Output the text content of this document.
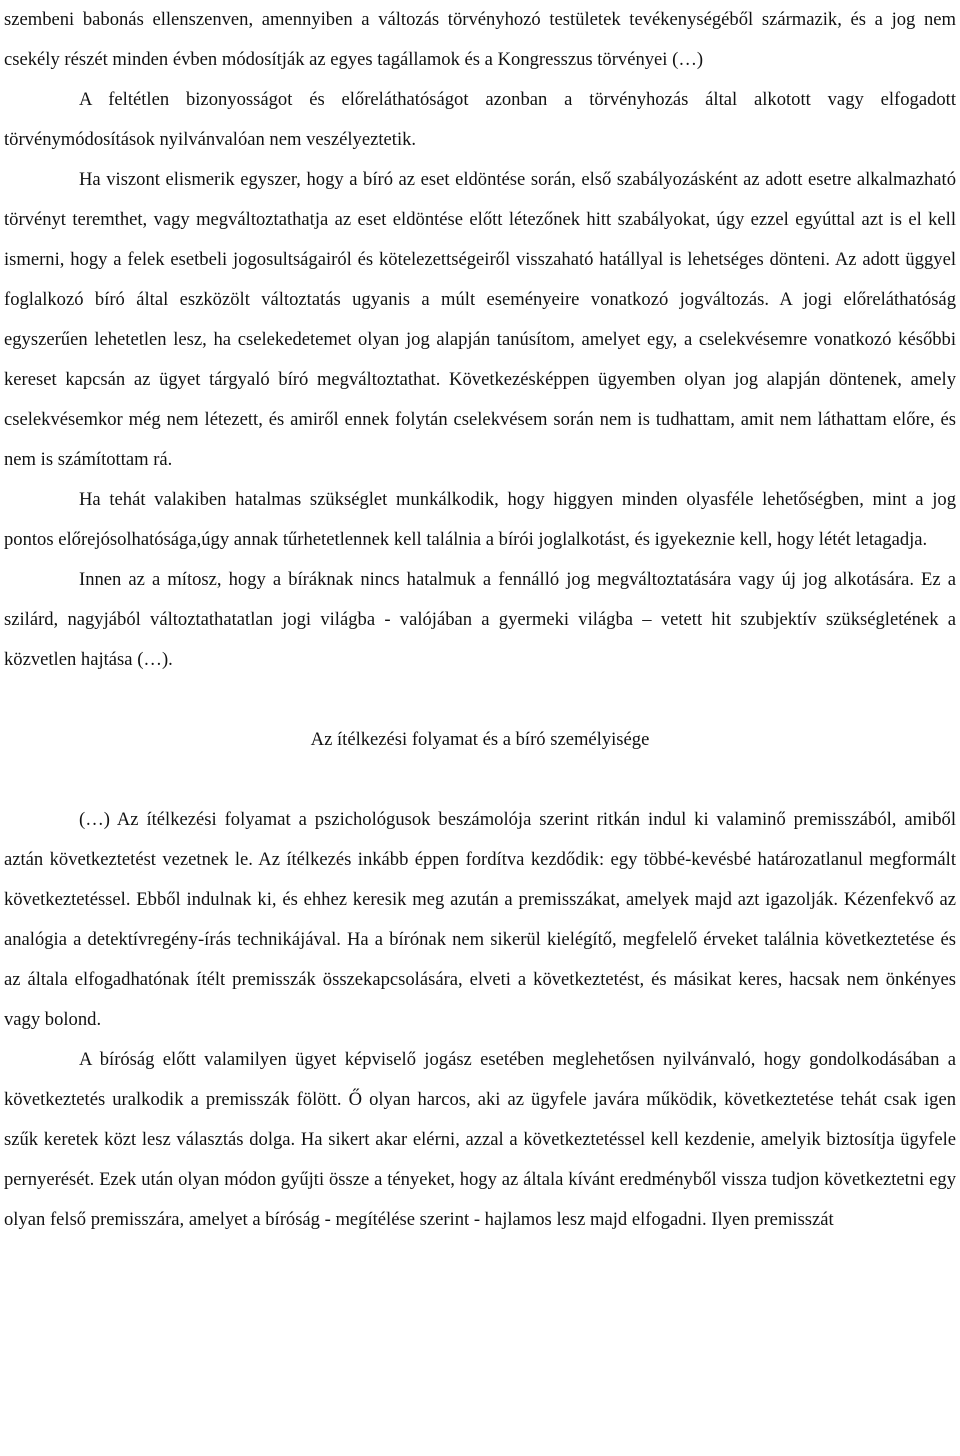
szembeni babonás ellenszenven, amennyiben a változás törvényhozó testületek tevékenységéből származik, és a jog nem csekély részét minden évben módosítják az egyes tagállamok és a Kongresszus törvényei (…)

A feltétlen bizonyosságot és előreláthatóságot azonban a törvényhozás által alkotott vagy elfogadott törvénymódosítások nyilvánvalóan nem veszélyeztetik.

Ha viszont elismerik egyszer, hogy a bíró az eset eldöntése során, első szabályozásként az adott esetre alkalmazható törvényt teremthet, vagy megváltoztathatja az eset eldöntése előtt létezőnek hitt szabályokat, úgy ezzel egyúttal azt is el kell ismerni, hogy a felek esetbeli jogosultságairól és kötelezettségeiről visszaható hatállyal is lehetséges dönteni. Az adott üggyel foglalkozó bíró által eszközölt változtatás ugyanis a múlt eseményeire vonatkozó jogváltozás. A jogi előreláthatóság egyszerűen lehetetlen lesz, ha cselekedetemet olyan jog alapján tanúsítom, amelyet egy, a cselekvésemre vonatkozó későbbi kereset kapcsán az ügyet tárgyaló bíró megváltoztathat. Következésképpen ügyemben olyan jog alapján döntenek, amely cselekvésemkor még nem létezett, és amiről ennek folytán cselekvésem során nem is tudhattam, amit nem láthattam előre, és nem is számítottam rá.

Ha tehát valakiben hatalmas szükséglet munkálkodik, hogy higgyen minden olyasféle lehetőségben, mint a jog pontos előrejósolhatósága,úgy annak tűrhetetlennek kell találnia a bírói joglalkotást, és igyekeznie kell, hogy létét letagadja.

Innen az a mítosz, hogy a bíráknak nincs hatalmuk a fennálló jog megváltoztatására vagy új jog alkotására. Ez a szilárd, nagyjából változtathatatlan jogi világba - valójában a gyermeki világba – vetett hit szubjektív szükségletének a közvetlen hajtása (…).

Az ítélkezési folyamat és a bíró személyisége

(…) Az ítélkezési folyamat a pszichológusok beszámolója szerint ritkán indul ki valaminő premisszából, amiből aztán következtetést vezetnek le. Az ítélkezés inkább éppen fordítva kezdődik: egy többé-kevésbé határozatlanul megformált következtetéssel. Ebből indulnak ki, és ehhez keresik meg azután a premisszákat, amelyek majd azt igazolják. Kézenfekvő az analógia a detektívregény-írás technikájával. Ha a bírónak nem sikerül kielégítő, megfelelő érveket találnia következtetése és az általa elfogadhatónak ítélt premisszák összekapcsolására, elveti a következtetést, és másikat keres, hacsak nem önkényes vagy bolond.

A bíróság előtt valamilyen ügyet képviselő jogász esetében meglehetősen nyilvánvaló, hogy gondolkodásában a következtetés uralkodik a premisszák fölött. Ő olyan harcos, aki az ügyfele javára működik, következtetése tehát csak igen szűk keretek közt lesz választás dolga. Ha sikert akar elérni, azzal a következtetéssel kell kezdenie, amelyik biztosítja ügyfele pernyerését. Ezek után olyan módon gyűjti össze a tényeket, hogy az általa kívánt eredményből vissza tudjon következtetni egy olyan felső premisszára, amelyet a bíróság - megítélése szerint - hajlamos lesz majd elfogadni. Ilyen premisszát
